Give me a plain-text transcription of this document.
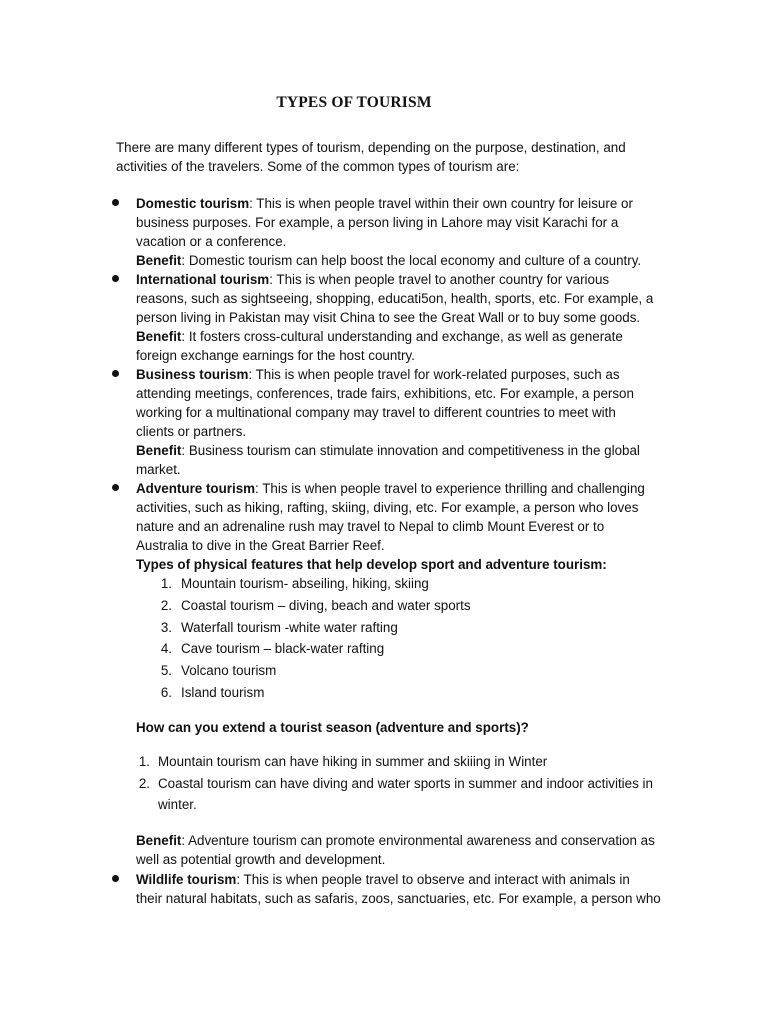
TYPES OF TOURISM
There are many different types of tourism, depending on the purpose, destination, and
activities of the travelers. Some of the common types of tourism are:
Domestic tourism: This is when people travel within their own country for leisure or
business purposes. For example, a person living in Lahore may visit Karachi for a
vacation or a conference.
Benefit: Domestic tourism can help boost the local economy and culture of a country.
International tourism: This is when people travel to another country for various
reasons, such as sightseeing, shopping, educati5on, health, sports, etc. For example, a
person living in Pakistan may visit China to see the Great Wall or to buy some goods.
Benefit: It fosters cross-cultural understanding and exchange, as well as generate
foreign exchange earnings for the host country.
Business tourism: This is when people travel for work-related purposes, such as
attending meetings, conferences, trade fairs, exhibitions, etc. For example, a person
working for a multinational company may travel to different countries to meet with
clients or partners.
Benefit: Business tourism can stimulate innovation and competitiveness in the global
market.
Adventure tourism: This is when people travel to experience thrilling and challenging
activities, such as hiking, rafting, skiing, diving, etc. For example, a person who loves
nature and an adrenaline rush may travel to Nepal to climb Mount Everest or to
Australia to dive in the Great Barrier Reef.
Types of physical features that help develop sport and adventure tourism:
1. Mountain tourism- abseiling, hiking, skiing
2. Coastal tourism – diving, beach and water sports
3. Waterfall tourism -white water rafting
4. Cave tourism – black-water rafting
5. Volcano tourism
6. Island tourism
How can you extend a tourist season (adventure and sports)?
1. Mountain tourism can have hiking in summer and skiiing in Winter
2. Coastal tourism can have diving and water sports in summer and indoor activities in
winter.
Benefit: Adventure tourism can promote environmental awareness and conservation as
well as potential growth and development.
Wildlife tourism: This is when people travel to observe and interact with animals in
their natural habitats, such as safaris, zoos, sanctuaries, etc. For example, a person who
